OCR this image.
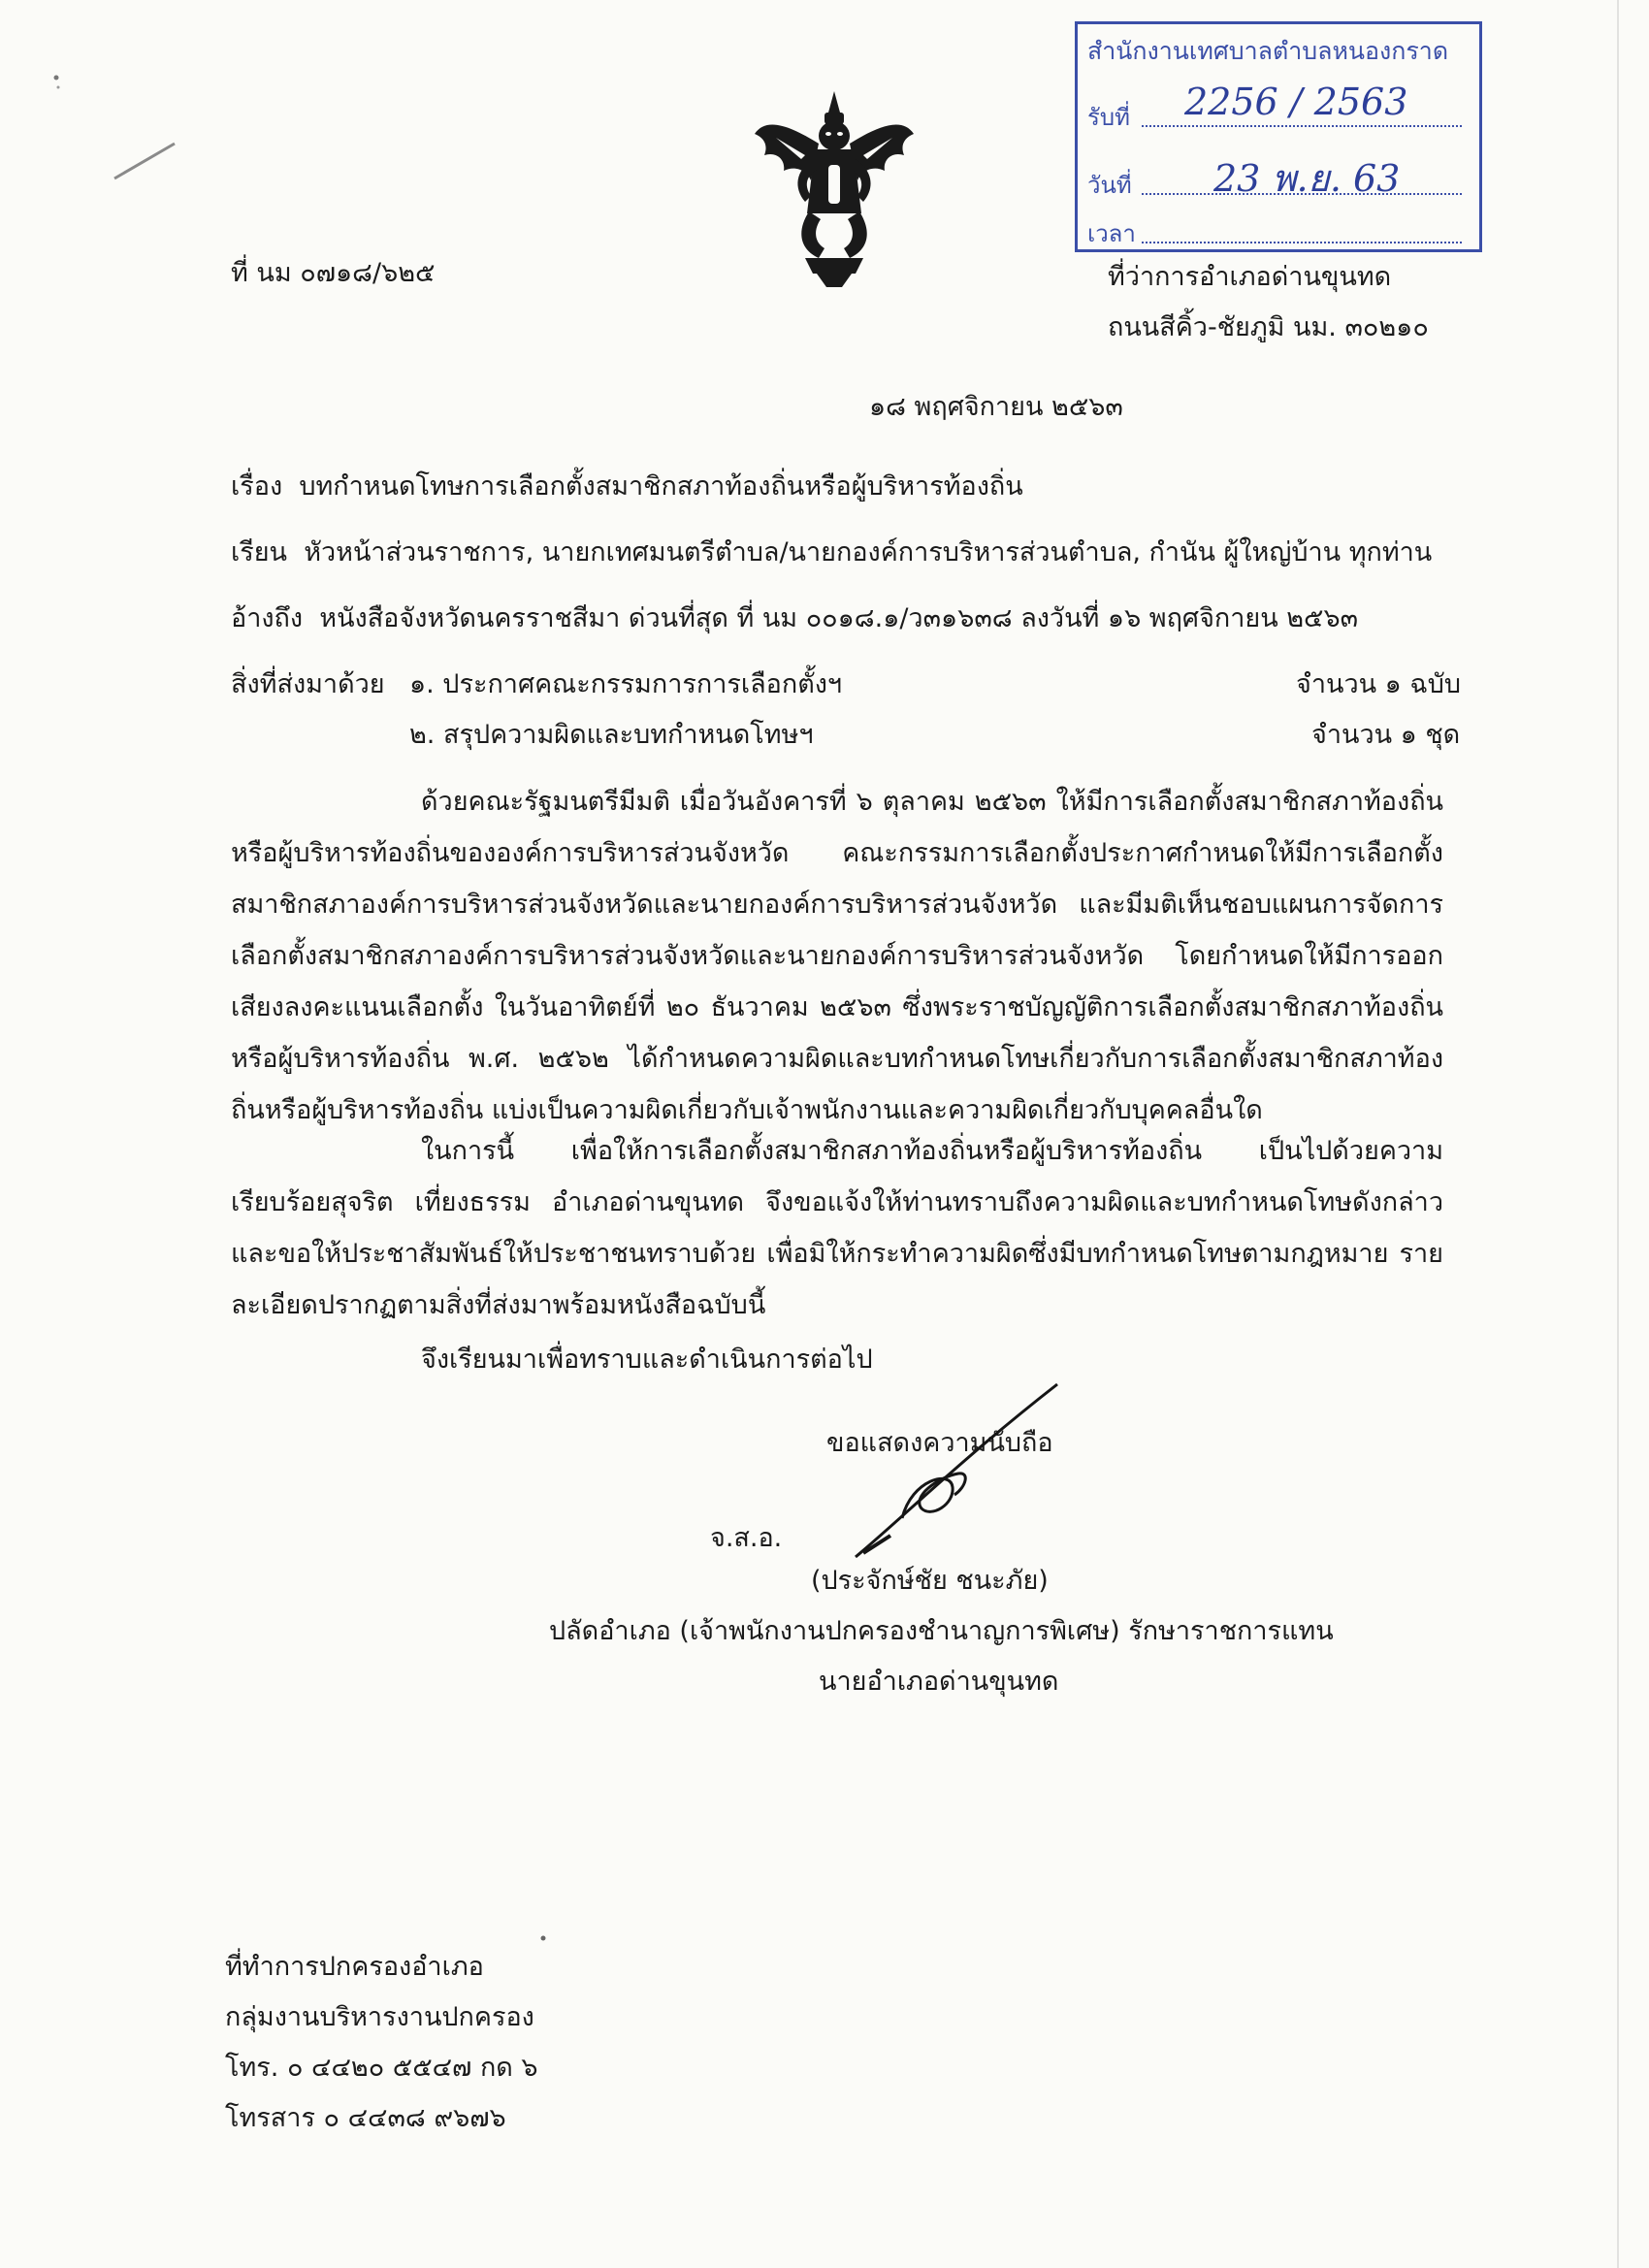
สำนักงานเทศบาลตำบลหนองกราด
รับที่ 2256 / 2563
วันที่ 23 พ.ย. 63
เวลา
ที่ นม ๐๗๑๘/๖๒๕	ที่ว่าการอำเภอด่านขุนทด
ถนนสีคิ้ว-ชัยภูมิ นม. ๓๐๒๑๐
๑๘ พฤศจิกายน ๒๕๖๓
เรื่อง บทกำหนดโทษการเลือกตั้งสมาชิกสภาท้องถิ่นหรือผู้บริหารท้องถิ่น
เรียน หัวหน้าส่วนราชการ, นายกเทศมนตรีตำบล/นายกองค์การบริหารส่วนตำบล, กำนัน ผู้ใหญ่บ้าน ทุกท่าน
อ้างถึง หนังสือจังหวัดนครราชสีมา ด่วนที่สุด ที่ นม ๐๐๑๘.๑/ว๓๑๖๓๘ ลงวันที่ ๑๖ พฤศจิกายน ๒๕๖๓
สิ่งที่ส่งมาด้วย ๑. ประกาศคณะกรรมการการเลือกตั้งฯ	จำนวน ๑ ฉบับ
๒. สรุปความผิดและบทกำหนดโทษฯ	จำนวน ๑ ชุด

ด้วยคณะรัฐมนตรีมีมติ เมื่อวันอังคารที่ ๖ ตุลาคม ๒๕๖๓ ให้มีการเลือกตั้งสมาชิกสภาท้องถิ่นหรือผู้บริหารท้องถิ่นขององค์การบริหารส่วนจังหวัด คณะกรรมการเลือกตั้งประกาศกำหนดให้มีการเลือกตั้งสมาชิกสภาองค์การบริหารส่วนจังหวัดและนายกองค์การบริหารส่วนจังหวัด และมีมติเห็นชอบแผนการจัดการเลือกตั้งสมาชิกสภาองค์การบริหารส่วนจังหวัดและนายกองค์การบริหารส่วนจังหวัด โดยกำหนดให้มีการออกเสียงลงคะแนนเลือกตั้ง ในวันอาทิตย์ที่ ๒๐ ธันวาคม ๒๕๖๓ ซึ่งพระราชบัญญัติการเลือกตั้งสมาชิกสภาท้องถิ่นหรือผู้บริหารท้องถิ่น พ.ศ. ๒๕๖๒ ได้กำหนดความผิดและบทกำหนดโทษเกี่ยวกับการเลือกตั้งสมาชิกสภาท้องถิ่นหรือผู้บริหารท้องถิ่น แบ่งเป็นความผิดเกี่ยวกับเจ้าพนักงานและความผิดเกี่ยวกับบุคคลอื่นใด

ในการนี้ เพื่อให้การเลือกตั้งสมาชิกสภาท้องถิ่นหรือผู้บริหารท้องถิ่น เป็นไปด้วยความเรียบร้อยสุจริต เที่ยงธรรม อำเภอด่านขุนทด จึงขอแจ้งให้ท่านทราบถึงความผิดและบทกำหนดโทษดังกล่าว และขอให้ประชาสัมพันธ์ให้ประชาชนทราบด้วย เพื่อมิให้กระทำความผิดซึ่งมีบทกำหนดโทษตามกฎหมาย รายละเอียดปรากฏตามสิ่งที่ส่งมาพร้อมหนังสือฉบับนี้

จึงเรียนมาเพื่อทราบและดำเนินการต่อไป
ขอแสดงความนับถือ
จ.ส.อ.
(ประจักษ์ชัย ชนะภัย)
ปลัดอำเภอ (เจ้าพนักงานปกครองชำนาญการพิเศษ) รักษาราชการแทน
นายอำเภอด่านขุนทด
ที่ทำการปกครองอำเภอ
กลุ่มงานบริหารงานปกครอง
โทร. ๐ ๔๔๒๐ ๕๕๔๗ กด ๖
โทรสาร ๐ ๔๔๓๘ ๙๖๗๖
